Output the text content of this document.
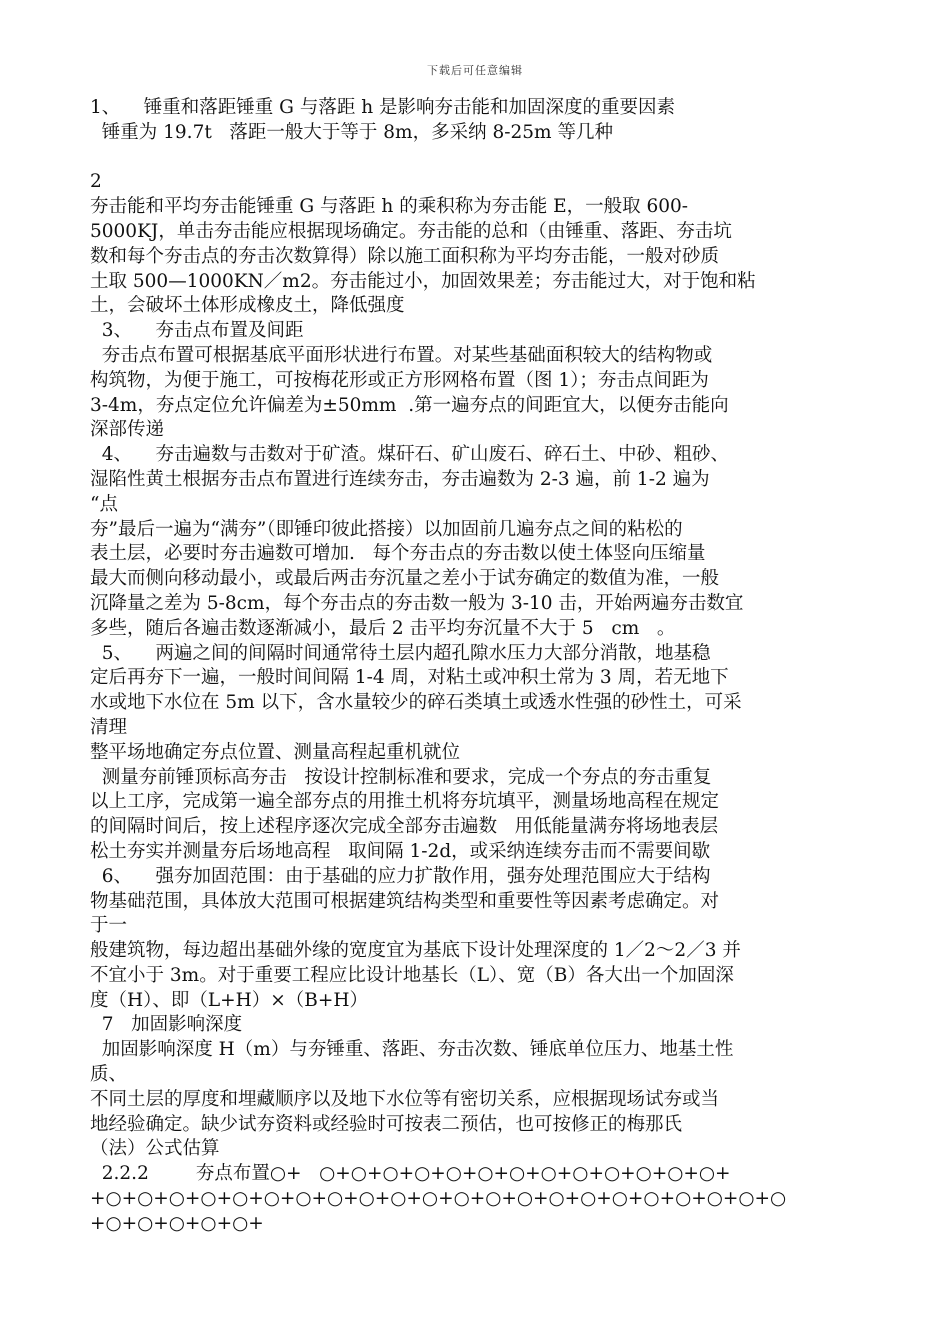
下载后可任意编辑
1、    锤重和落距锤重 G 与落距 h 是影响夯击能和加固深度的重要因素
锤重为 19.7t   落距一般大于等于 8m，多采纳 8-25m 等几种
2
夯击能和平均夯击能锤重 G 与落距 h 的乘积称为夯击能 E，一般取 600-
5000KJ，单击夯击能应根据现场确定。夯击能的总和（由锤重、落距、夯击坑
数和每个夯击点的夯击次数算得）除以施工面积称为平均夯击能，一般对砂质
土取 500—1000KN／m2。夯击能过小，加固效果差；夯击能过大，对于饱和粘
土，会破坏土体形成橡皮土，降低强度
3、    夯击点布置及间距
夯击点布置可根据基底平面形状进行布置。对某些基础面积较大的结构物或
构筑物，为便于施工，可按梅花形或正方形网格布置（图 1）；夯击点间距为
3-4m，夯点定位允许偏差为±50mm  .第一遍夯点的间距宜大，以便夯击能向
深部传递
4、    夯击遍数与击数对于矿渣。煤矸石、矿山废石、碎石土、中砂、粗砂、
湿陷性黄土根据夯击点布置进行连续夯击，夯击遍数为 2-3 遍，前 1-2 遍为
“点
夯”最后一遍为“满夯”（即锤印彼此搭接）以加固前几遍夯点之间的粘松的
表土层，必要时夯击遍数可增加.   每个夯击点的夯击数以使土体竖向压缩量
最大而侧向移动最小，或最后两击夯沉量之差小于试夯确定的数值为准，一般
沉降量之差为 5-8cm，每个夯击点的夯击数一般为 3-10 击，开始两遍夯击数宜
多些，随后各遍击数逐渐减小，最后 2 击平均夯沉量不大于 5   cm   。
5、    两遍之间的间隔时间通常待土层内超孔隙水压力大部分消散，地基稳
定后再夯下一遍，一般时间间隔 1-4 周，对粘土或冲积土常为 3 周，若无地下
水或地下水位在 5m 以下，含水量较少的碎石类填土或透水性强的砂性土，可采
清理
整平场地确定夯点位置、测量高程起重机就位
测量夯前锤顶标高夯击   按设计控制标准和要求，完成一个夯点的夯击重复
以上工序，完成第一遍全部夯点的用推土机将夯坑填平，测量场地高程在规定
的间隔时间后，按上述程序逐次完成全部夯击遍数   用低能量满夯将场地表层
松土夯实并测量夯后场地高程   取间隔 1-2d，或采纳连续夯击而不需要间歇
6、    强夯加固范围：由于基础的应力扩散作用，强夯处理范围应大于结构
物基础范围，具体放大范围可根据建筑结构类型和重要性等因素考虑确定。对
于一
般建筑物，每边超出基础外缘的宽度宜为基底下设计处理深度的 1／2～2／3 并
不宜小于 3m。对于重要工程应比设计地基长（L）、宽（B）各大出一个加固深
度（H）、即（L+H）×（B+H）
7   加固影响深度
加固影响深度 H（m）与夯锤重、落距、夯击次数、锤底单位压力、地基土性
质、
不同土层的厚度和埋藏顺序以及地下水位等有密切关系，应根据现场试夯或当
地经验确定。缺少试夯资料或经验时可按表二预估，也可按修正的梅那氏
（法）公式估算
2.2.2        夯点布置○+   ○+○+○+○+○+○+○+○+○+○+○+○+○+
+○+○+○+○+○+○+○+○+○+○+○+○+○+○+○+○+○+○+○+○+○+○
+○+○+○+○+○+
